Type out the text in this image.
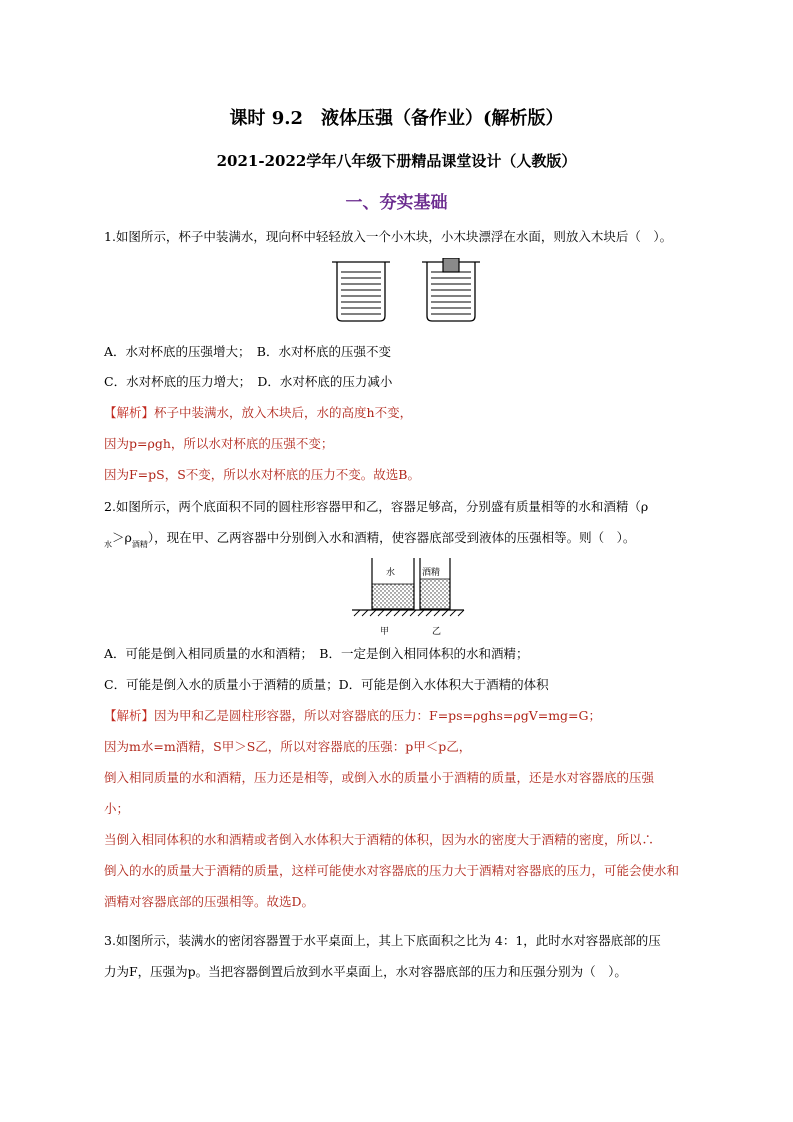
课时 9.2　液体压强（备作业）(解析版）
2021-2022学年八年级下册精品课堂设计（人教版）
一、夯实基础
1.如图所示，杯子中装满水，现向杯中轻轻放入一个小木块，小木块漂浮在水面，则放入木块后（　）。
A．水对杯底的压强增大；　B．水对杯底的压强不变
C．水对杯底的压力增大；　D．水对杯底的压力减小
【解析】杯子中装满水，放入木块后，水的高度h不变，
因为p=ρgh，所以水对杯底的压强不变；
因为F=pS，S不变，所以水对杯底的压力不变。故选B。
2.如图所示，两个底面积不同的圆柱形容器甲和乙，容器足够高，分别盛有质量相等的水和酒精（ρ
$_水>\rho_{酒精}$），现在甲、乙两容器中分别倒入水和酒精，使容器底部受到液体的压强相等。则（　）。
水	酒精
甲	乙
A．可能是倒入相同质量的水和酒精；　B．一定是倒入相同体积的水和酒精；
C．可能是倒入水的质量小于酒精的质量；D．可能是倒入水体积大于酒精的体积
【解析】因为甲和乙是圆柱形容器，所以对容器底的压力：F=ps=ρghs=ρgV=mg=G；
因为m水=m酒精，S甲＞S乙，所以对容器底的压强：p甲＜p乙，
倒入相同质量的水和酒精，压力还是相等，或倒入水的质量小于酒精的质量，还是水对容器底的压强
小；
当倒入相同体积的水和酒精或者倒入水体积大于酒精的体积，因为水的密度大于酒精的密度，所以∴
倒入的水的质量大于酒精的质量，这样可能使水对容器底的压力大于酒精对容器底的压力，可能会使水和
酒精对容器底部的压强相等。故选D。
3.如图所示，装满水的密闭容器置于水平桌面上，其上下底面积之比为 4：1，此时水对容器底部的压
力为F，压强为p。当把容器倒置后放到水平桌面上，水对容器底部的压力和压强分别为（　）。
